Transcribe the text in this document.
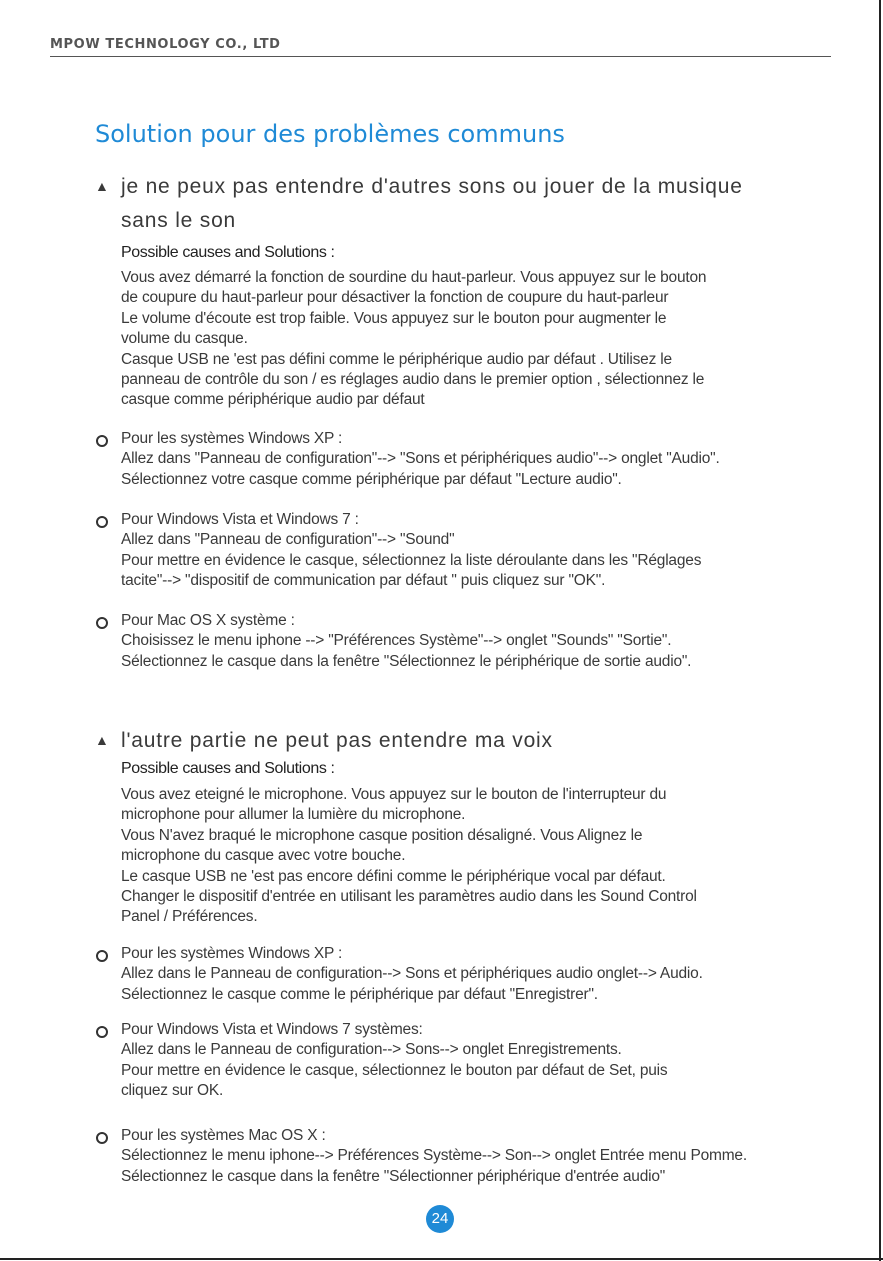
MPOW TECHNOLOGY CO., LTD
Solution pour des problèmes communs
▲ je ne peux pas entendre d'autres sons ou jouer de la musique
sans le son
Possible causes and Solutions :
Vous avez démarré la fonction de sourdine du haut-parleur. Vous appuyez sur le bouton
de coupure du haut-parleur pour désactiver la fonction de coupure du haut-parleur
Le volume d'écoute est trop faible. Vous appuyez sur le bouton pour augmenter le
volume du casque.
Casque USB ne 'est pas défini comme le périphérique audio par défaut . Utilisez le
panneau de contrôle du son / es réglages audio dans le premier option , sélectionnez le
casque comme périphérique audio par défaut
Pour les systèmes Windows XP :
Allez dans "Panneau de configuration"--> "Sons et périphériques audio"--> onglet "Audio".
Sélectionnez votre casque comme périphérique par défaut "Lecture audio".
Pour Windows Vista et Windows 7 :
Allez dans "Panneau de configuration"--> "Sound"
Pour mettre en évidence le casque, sélectionnez la liste déroulante dans les "Réglages
tacite"--> "dispositif de communication par défaut " puis cliquez sur "OK".
Pour Mac OS X système :
Choisissez le menu iphone --> "Préférences Système"--> onglet "Sounds" "Sortie".
Sélectionnez le casque dans la fenêtre "Sélectionnez le périphérique de sortie audio".
▲ l'autre partie ne peut pas entendre ma voix
Possible causes and Solutions :
Vous avez eteigné le microphone. Vous appuyez sur le bouton de l'interrupteur du
microphone pour allumer la lumière du microphone.
Vous N'avez braqué le microphone casque position désaligné. Vous Alignez le
microphone du casque avec votre bouche.
Le casque USB ne 'est pas encore défini comme le périphérique vocal par défaut.
Changer le dispositif d'entrée en utilisant les paramètres audio dans les Sound Control
Panel / Préférences.
Pour les systèmes Windows XP :
Allez dans le Panneau de configuration--> Sons et périphériques audio onglet--> Audio.
Sélectionnez le casque comme le périphérique par défaut "Enregistrer".
Pour Windows Vista et Windows 7 systèmes:
Allez dans le Panneau de configuration--> Sons--> onglet Enregistrements.
Pour mettre en évidence le casque, sélectionnez le bouton par défaut de Set, puis
cliquez sur OK.
Pour les systèmes Mac OS X :
Sélectionnez le menu iphone--> Préférences Système--> Son--> onglet Entrée menu Pomme.
Sélectionnez le casque dans la fenêtre "Sélectionner périphérique d'entrée audio"
24
